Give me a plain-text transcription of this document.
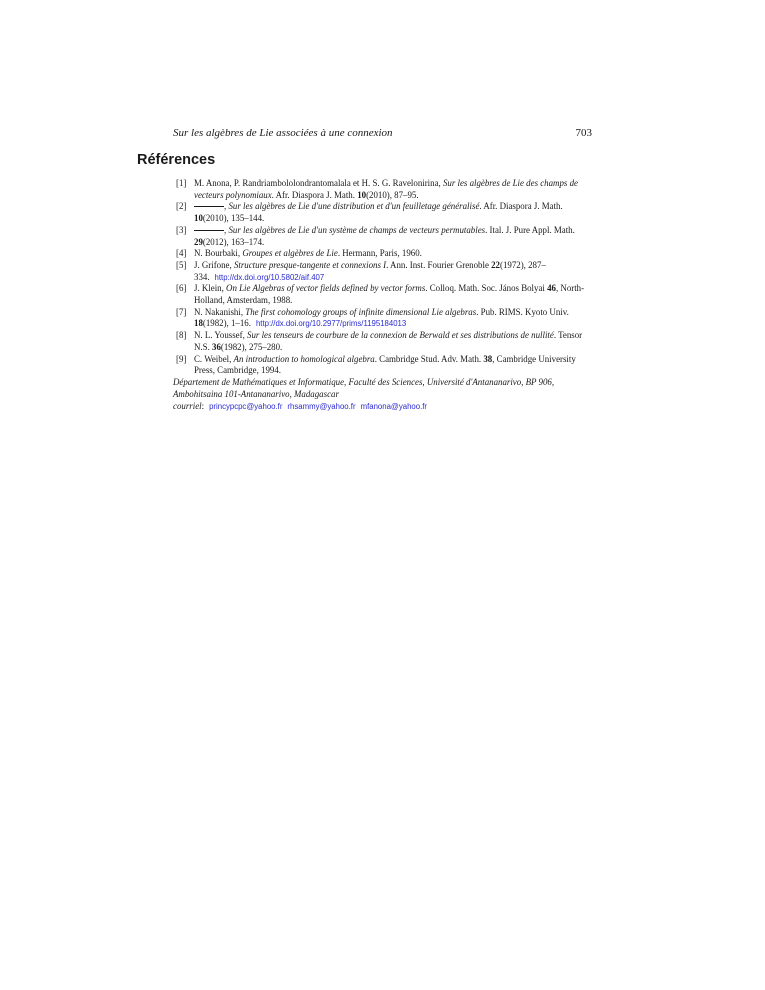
Sur les algèbres de Lie associées à une connexion	703
Références
[1] M. Anona, P. Randriambololondrantomalala et H. S. G. Ravelonirina, Sur les algèbres de Lie des champs de vecteurs polynomiaux. Afr. Diaspora J. Math. 10(2010), 87–95.
[2]	, Sur les algèbres de Lie d'une distribution et d'un feuilletage généralisé. Afr. Diaspora J. Math. 10(2010), 135–144.
[3]	, Sur les algèbres de Lie d'un système de champs de vecteurs permutables. Ital. J. Pure Appl. Math. 29(2012), 163–174.
[4] N. Bourbaki, Groupes et algèbres de Lie. Hermann, Paris, 1960.
[5] J. Grifone, Structure presque-tangente et connexions I. Ann. Inst. Fourier Grenoble 22(1972), 287–334. http://dx.doi.org/10.5802/aif.407
[6] J. Klein, On Lie Algebras of vector fields defined by vector forms. Colloq. Math. Soc. János Bolyai 46, North-Holland, Amsterdam, 1988.
[7] N. Nakanishi, The first cohomology groups of infinite dimensional Lie algebras. Pub. RIMS. Kyoto Univ. 18(1982), 1–16. http://dx.doi.org/10.2977/prims/1195184013
[8] N. L. Youssef, Sur les tenseurs de courbure de la connexion de Berwald et ses distributions de nullité. Tensor N.S. 36(1982), 275–280.
[9] C. Weibel, An introduction to homological algebra. Cambridge Stud. Adv. Math. 38, Cambridge University Press, Cambridge, 1994.
Département de Mathématiques et Informatique, Faculté des Sciences, Université d'Antananarivo, BP 906,
Ambohitsaina 101-Antananarivo, Madagascar
courriel: princypcpc@yahoo.fr rhsammy@yahoo.fr mfanona@yahoo.fr
